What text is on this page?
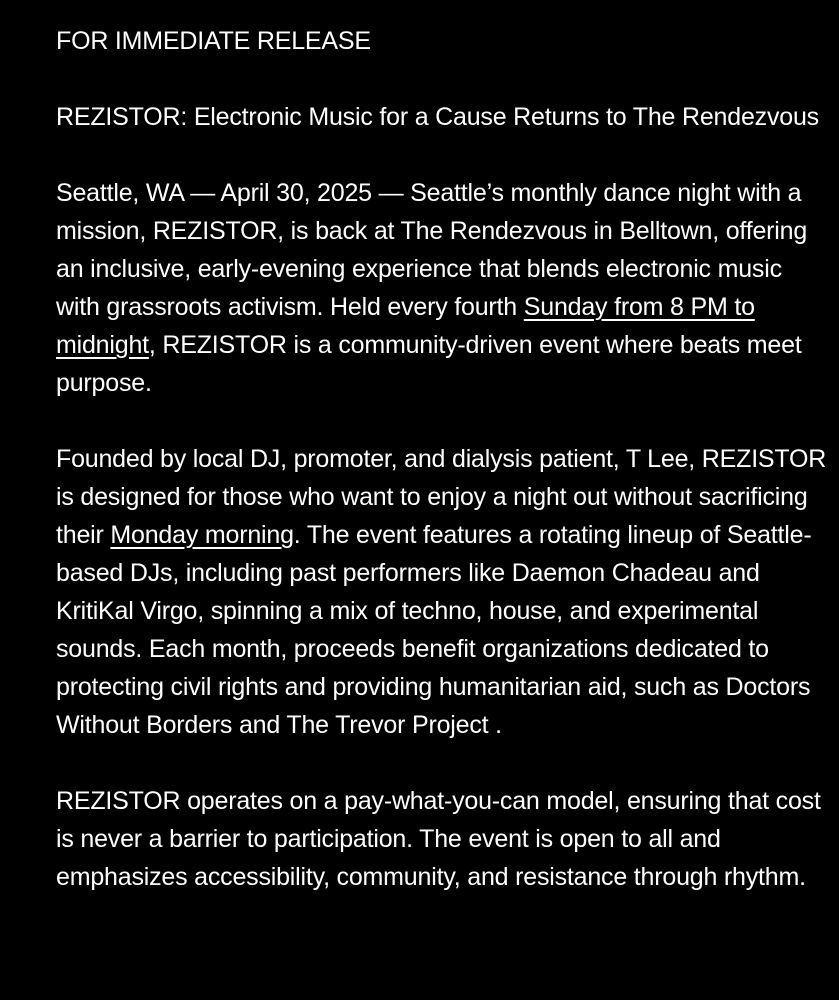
FOR IMMEDIATE RELEASE

REZISTOR: Electronic Music for a Cause Returns to The Rendezvous

Seattle, WA — April 30, 2025 — Seattle’s monthly dance night with a mission, REZISTOR, is back at The Rendezvous in Belltown, offering an inclusive, early-evening experience that blends electronic music with grassroots activism. Held every fourth Sunday from 8 PM to midnight, REZISTOR is a community-driven event where beats meet purpose.

Founded by local DJ, promoter, and dialysis patient, T Lee, REZISTOR is designed for those who want to enjoy a night out without sacrificing their Monday morning. The event features a rotating lineup of Seattle-based DJs, including past performers like Daemon Chadeau and KritiKal Virgo, spinning a mix of techno, house, and experimental sounds. Each month, proceeds benefit organizations dedicated to protecting civil rights and providing humanitarian aid, such as Doctors Without Borders and The Trevor Project .

REZISTOR operates on a pay-what-you-can model, ensuring that cost is never a barrier to participation. The event is open to all and emphasizes accessibility, community, and resistance through rhythm.
